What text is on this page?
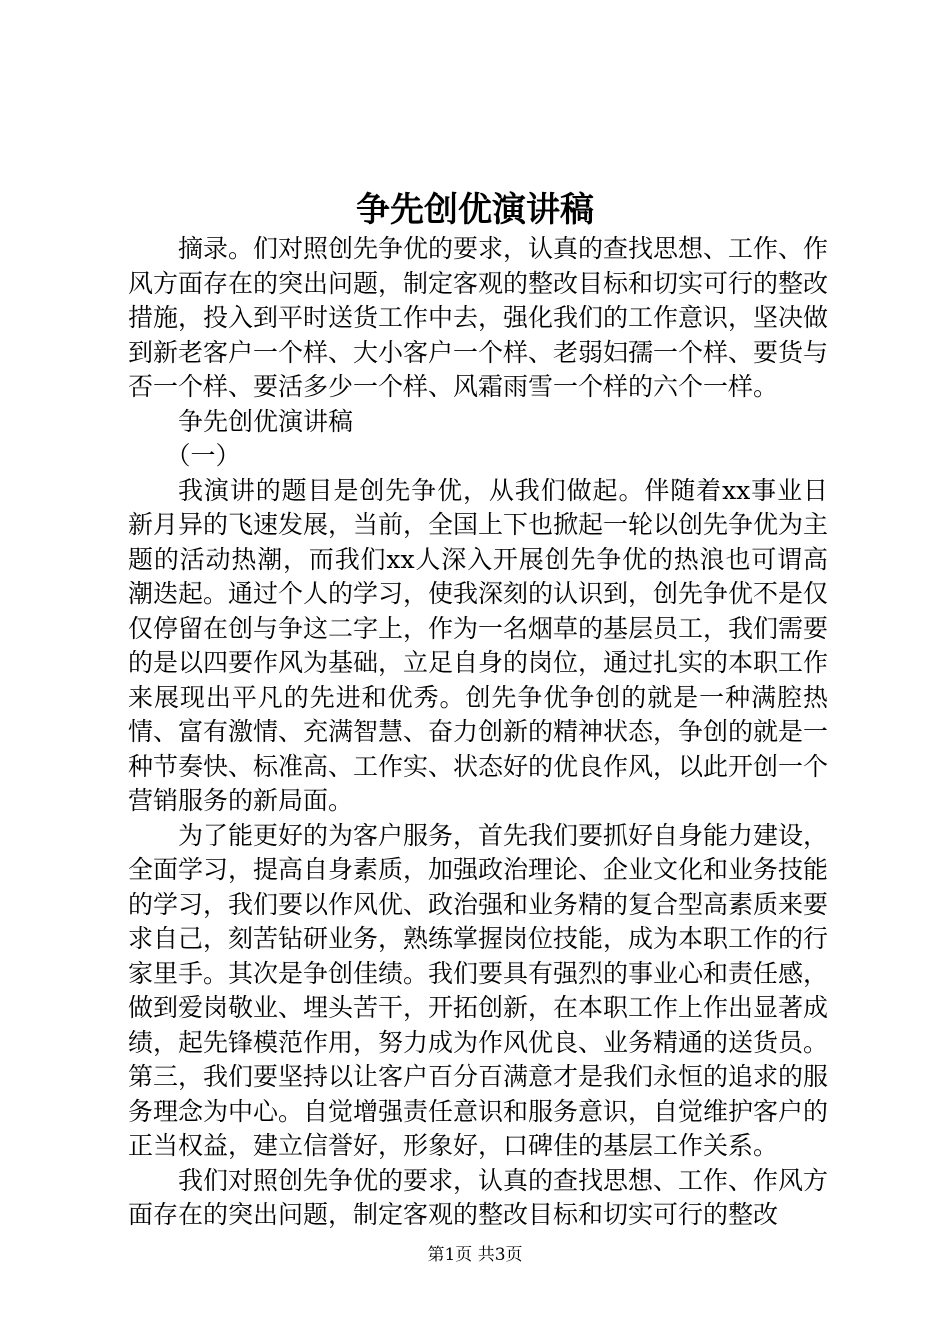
争先创优演讲稿

摘录。们对照创先争优的要求，认真的查找思想、工作、作风方面存在的突出问题，制定客观的整改目标和切实可行的整改措施，投入到平时送货工作中去，强化我们的工作意识，坚决做到新老客户一个样、大小客户一个样、老弱妇孺一个样、要货与否一个样、要活多少一个样、风霜雨雪一个样的六个一样。

争先创优演讲稿

（一）

我演讲的题目是创先争优，从我们做起。伴随着xx事业日新月异的飞速发展，当前，全国上下也掀起一轮以创先争优为主题的活动热潮，而我们xx人深入开展创先争优的热浪也可谓高潮迭起。通过个人的学习，使我深刻的认识到，创先争优不是仅仅停留在创与争这二字上，作为一名烟草的基层员工，我们需要的是以四要作风为基础，立足自身的岗位，通过扎实的本职工作来展现出平凡的先进和优秀。创先争优争创的就是一种满腔热情、富有激情、充满智慧、奋力创新的精神状态，争创的就是一种节奏快、标准高、工作实、状态好的优良作风，以此开创一个营销服务的新局面。

为了能更好的为客户服务，首先我们要抓好自身能力建设，全面学习，提高自身素质，加强政治理论、企业文化和业务技能的学习，我们要以作风优、政治强和业务精的复合型高素质来要求自己，刻苦钻研业务，熟练掌握岗位技能，成为本职工作的行家里手。其次是争创佳绩。我们要具有强烈的事业心和责任感，做到爱岗敬业、埋头苦干，开拓创新，在本职工作上作出显著成绩，起先锋模范作用，努力成为作风优良、业务精通的送货员。第三，我们要坚持以让客户百分百满意才是我们永恒的追求的服务理念为中心。自觉增强责任意识和服务意识，自觉维护客户的正当权益，建立信誉好，形象好，口碑佳的基层工作关系。

我们对照创先争优的要求，认真的查找思想、工作、作风方面存在的突出问题，制定客观的整改目标和切实可行的整改

第1页 共3页
